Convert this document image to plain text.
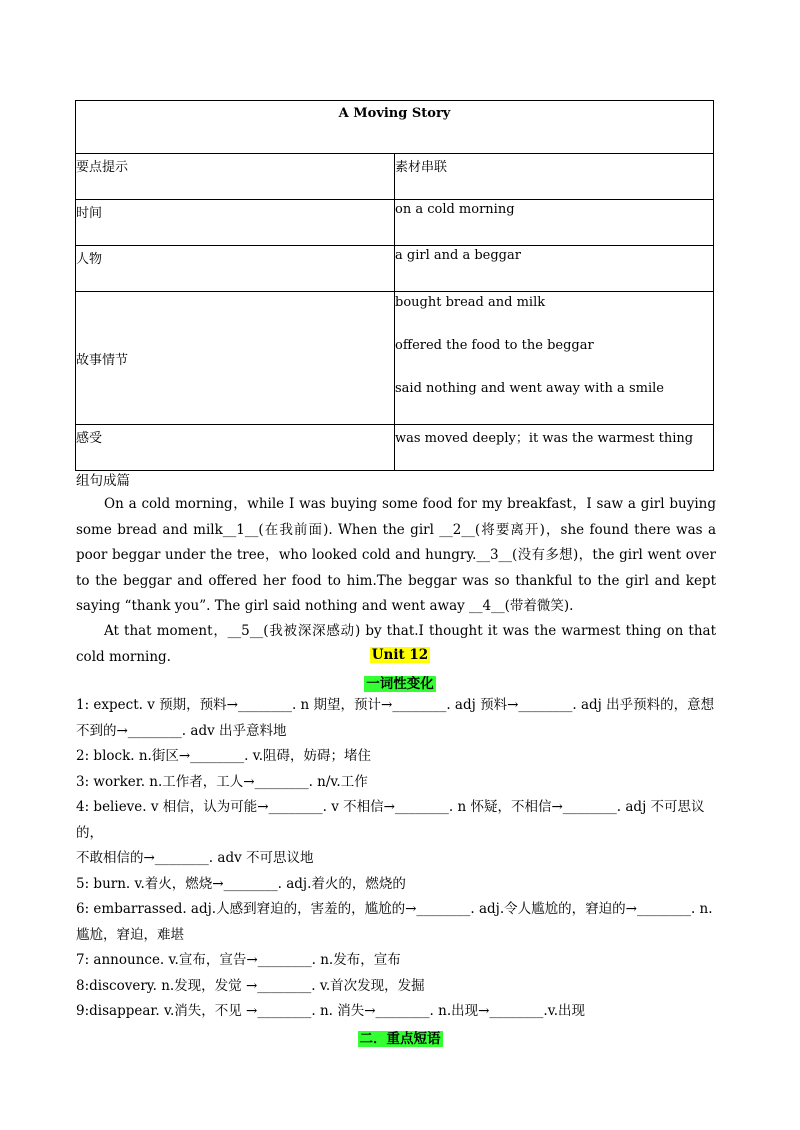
A Moving Story	

要点提示	素材串联

时间	on a cold morning

人物	a girl and a beggar

故事情节	bought bread and milk
offered the food to the beggar
said nothing and went away with a smile

感受	was moved deeply；it was the warmest thing
组句成篇
On a cold morning，while I was buying some food for my breakfast，I saw a girl buying some bread and milk__1__(在我前面). When the girl __2__(将要离开)，she found there was a poor beggar under the tree，who looked cold and hungry.__3__(没有多想)，the girl went over to the beggar and offered her food to him.The beggar was so thankful to the girl and kept saying “thank you”. The girl said nothing and went away __4__(带着微笑).
At that moment，__5__(我被深深感动) by that.I thought it was the warmest thing on that cold morning.	Unit 12
一词性变化
1: expect. v 预期，预料→________. n 期望，预计→________. adj 预料→________. adj 出乎预料的，意想不到的→________. adv 出乎意料地
2: block. n.街区→________. v.阻碍，妨碍；堵住
3: worker. n.工作者，工人→________. n/v.工作
4: believe. v 相信，认为可能→________. v 不相信→________. n 怀疑，不相信→________. adj 不可思议的，
不敢相信的→________. adv 不可思议地
5: burn. v.着火，燃烧→________. adj.着火的，燃烧的
6: embarrassed. adj.人感到窘迫的，害羞的，尴尬的→________. adj.令人尴尬的，窘迫的→________. n.尴尬，窘迫，难堪
7: announce. v.宣布，宣告→________. n.发布，宣布
8:discovery. n.发现，发觉 →________. v.首次发现，发掘
9:disappear. v.消失，不见 →________. n. 消失→________. n.出现→________.v.出现
二．重点短语
